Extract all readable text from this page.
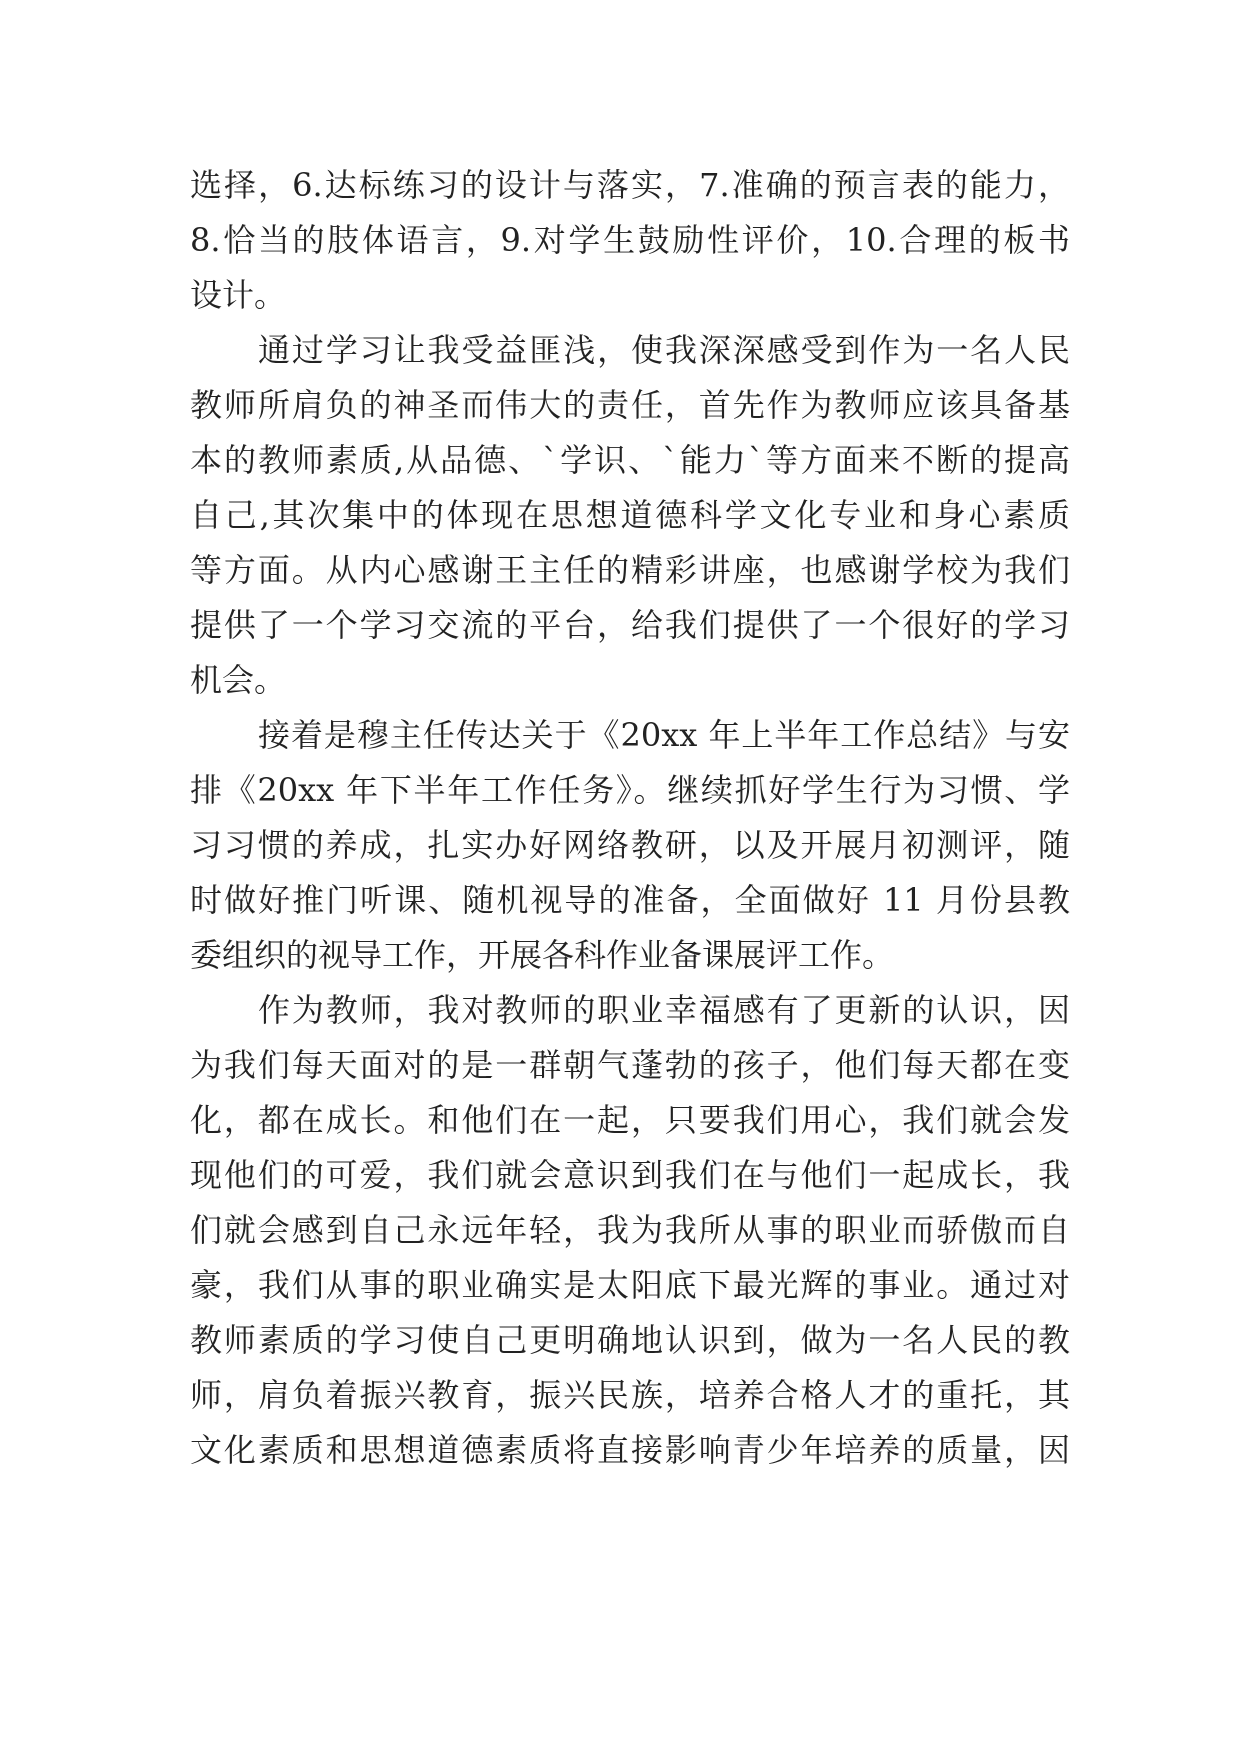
选择，6.达标练习的设计与落实，7.准确的预言表的能力，
8.恰当的肢体语言，9.对学生鼓励性评价，10.合理的板书
设计。
通过学习让我受益匪浅，使我深深感受到作为一名人民
教师所肩负的神圣而伟大的责任，首先作为教师应该具备基
本的教师素质,从品德、`学识、`能力`等方面来不断的提高
自己,其次集中的体现在思想道德科学文化专业和身心素质
等方面。从内心感谢王主任的精彩讲座，也感谢学校为我们
提供了一个学习交流的平台，给我们提供了一个很好的学习
机会。
接着是穆主任传达关于《20xx 年上半年工作总结》与安
排《20xx 年下半年工作任务》。继续抓好学生行为习惯、学
习习惯的养成，扎实办好网络教研，以及开展月初测评，随
时做好推门听课、随机视导的准备，全面做好 11 月份县教
委组织的视导工作，开展各科作业备课展评工作。
作为教师，我对教师的职业幸福感有了更新的认识，因
为我们每天面对的是一群朝气蓬勃的孩子，他们每天都在变
化，都在成长。和他们在一起，只要我们用心，我们就会发
现他们的可爱，我们就会意识到我们在与他们一起成长，我
们就会感到自己永远年轻，我为我所从事的职业而骄傲而自
豪，我们从事的职业确实是太阳底下最光辉的事业。通过对
教师素质的学习使自己更明确地认识到，做为一名人民的教
师，肩负着振兴教育，振兴民族，培养合格人才的重托，其
文化素质和思想道德素质将直接影响青少年培养的质量，因
